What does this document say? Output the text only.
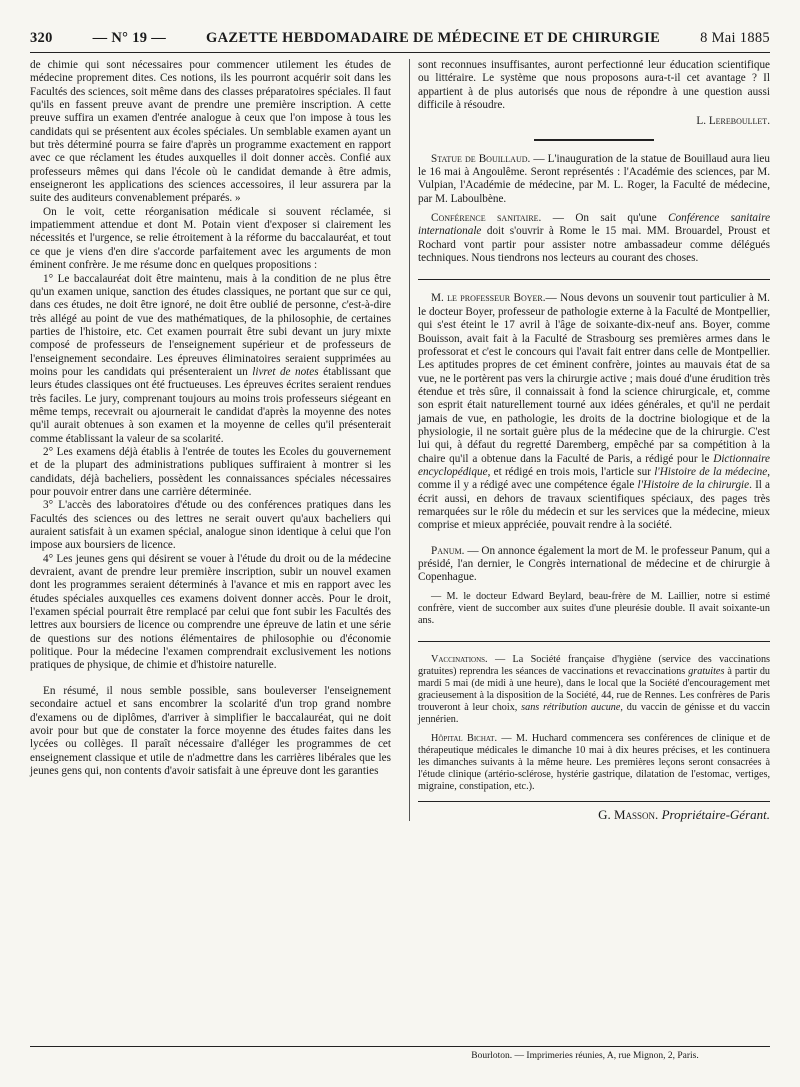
320	— N° 19 —	GAZETTE HEBDOMADAIRE DE MÉDECINE ET DE CHIRURGIE	8 Mai 1885

de chimie qui sont nécessaires pour commencer utilement les études de médecine proprement dites. Ces notions, ils les pourront acquérir soit dans les Facultés des sciences, soit même dans des classes préparatoires spéciales. Il faut qu'ils en fassent preuve avant de prendre une première inscription. A cette preuve suffira un examen d'entrée analogue à ceux que l'on impose à tous les candidats qui se présentent aux écoles spéciales. Un semblable examen ayant un but très déterminé pourra se faire d'après un programme exactement en rapport avec ce que réclament les études auxquelles il doit donner accès. Confié aux professeurs mêmes qui dans l'école où le candidat demande à être admis, enseigneront les applications des sciences accessoires, il leur assurera par la suite des auditeurs convenablement préparés. »

On le voit, cette réorganisation médicale si souvent réclamée, si impatiemment attendue et dont M. Potain vient d'exposer si clairement les nécessités et l'urgence, se relie étroitement à la réforme du baccalauréat, et tout ce que je viens d'en dire s'accorde parfaitement avec les arguments de mon éminent confrère. Je me résume donc en quelques propositions :

1° Le baccalauréat doit être maintenu, mais à la condition de ne plus être qu'un examen unique, sanction des études classiques, ne portant que sur ce qui, dans ces études, ne doit être ignoré, ne doit être oublié de personne, c'est-à-dire très allégé au point de vue des mathématiques, de la philosophie, de certaines parties de l'histoire, etc. Cet examen pourrait être subi devant un jury mixte composé de professeurs de l'enseignement supérieur et de professeurs de l'enseignement secondaire. Les épreuves éliminatoires seraient supprimées au moins pour les candidats qui présenteraient un livret de notes établissant que leurs études classiques ont été fructueuses. Les épreuves écrites seraient rendues très faciles. Le jury, comprenant toujours au moins trois professeurs siégeant en même temps, recevrait ou ajournerait le candidat d'après la moyenne des notes qu'il aurait obtenues à son examen et la moyenne de celles qu'il présenterait comme établissant la valeur de sa scolarité.

2° Les examens déjà établis à l'entrée de toutes les Ecoles du gouvernement et de la plupart des administrations publiques suffiraient à montrer si les candidats, déjà bacheliers, possèdent les connaissances spéciales nécessaires pour pouvoir entrer dans une carrière déterminée.

3° L'accès des laboratoires d'étude ou des conférences pratiques dans les Facultés des sciences ou des lettres ne serait ouvert qu'aux bacheliers qui auraient satisfait à un examen spécial, analogue sinon identique à celui que l'on impose aux boursiers de licence.

4° Les jeunes gens qui désirent se vouer à l'étude du droit ou de la médecine devraient, avant de prendre leur première inscription, subir un nouvel examen dont les programmes seraient déterminés à l'avance et mis en rapport avec les études spéciales auxquelles ces examens doivent donner accès. Pour le droit, l'examen spécial pourrait être remplacé par celui que font subir les Facultés des lettres aux boursiers de licence ou comprendre une épreuve de latin et une série de questions sur des notions élémentaires de philosophie ou d'économie politique. Pour la médecine l'examen comprendrait exclusivement les notions pratiques de physique, de chimie et d'histoire naturelle.

En résumé, il nous semble possible, sans bouleverser l'enseignement secondaire actuel et sans encombrer la scolarité d'un trop grand nombre d'examens ou de diplômes, d'arriver à simplifier le baccalauréat, qui ne doit avoir pour but que de constater la force moyenne des études faites dans les lycées ou collèges. Il paraît nécessaire d'alléger les programmes de cet enseignement classique et utile de n'admettre dans les carrières libérales que les jeunes gens qui, non contents d'avoir satisfait à une épreuve dont les garanties

sont reconnues insuffisantes, auront perfectionné leur éducation scientifique ou littéraire. Le système que nous proposons aura-t-il cet avantage ? Il appartient à de plus autorisés que nous de répondre à une question aussi difficile à résoudre.

L. Lereboullet.

Statue de Bouillaud. — L'inauguration de la statue de Bouillaud aura lieu le 16 mai à Angoulême. Seront représentés : l'Académie des sciences, par M. Vulpian, l'Académie de médecine, par M. L. Roger, la Faculté de médecine, par M. Laboulbène.

Conférence sanitaire. — On sait qu'une Conférence sanitaire internationale doit s'ouvrir à Rome le 15 mai. MM. Brouardel, Proust et Rochard vont partir pour assister notre ambassadeur comme délégués techniques. Nous tiendrons nos lecteurs au courant des choses.

M. le professeur Boyer.— Nous devons un souvenir tout particulier à M. le docteur Boyer, professeur de pathologie externe à la Faculté de Montpellier, qui s'est éteint le 17 avril à l'âge de soixante-dix-neuf ans. Boyer, comme Bouisson, avait fait à la Faculté de Strasbourg ses premières armes dans le professorat et c'est le concours qui l'avait fait entrer dans celle de Montpellier. Les aptitudes propres de cet éminent confrère, jointes au mauvais état de sa vue, ne le portèrent pas vers la chirurgie active ; mais doué d'une érudition très étendue et très sûre, il connaissait à fond la science chirurgicale, et, comme son esprit était naturellement tourné aux idées générales, et qu'il ne perdait jamais de vue, en pathologie, les droits de la doctrine biologique et de la physiologie, il ne sortait guère plus de la médecine que de la chirurgie. C'est lui qui, à défaut du regretté Daremberg, empêché par sa compétition à la chaire qu'il a obtenue dans la Faculté de Paris, a rédigé pour le Dictionnaire encyclopédique, et rédigé en trois mois, l'article sur l'Histoire de la médecine, comme il y a rédigé avec une compétence égale l'Histoire de la chirurgie. Il a écrit aussi, en dehors de travaux scientifiques spéciaux, des pages très remarquées sur le rôle du médecin et sur les services que la médecine, mieux comprise et mieux appréciée, pouvait rendre à la société.

Panum. — On annonce également la mort de M. le professeur Panum, qui a présidé, l'an dernier, le Congrès international de médecine et de chirurgie à Copenhague.

— M. le docteur Edward Beylard, beau-frère de M. Laillier, notre si estimé confrère, vient de succomber aux suites d'une pleurésie double. Il avait soixante-un ans.

Vaccinations. — La Société française d'hygiène (service des vaccinations gratuites) reprendra les séances de vaccinations et revaccinations gratuites à partir du mardi 5 mai (de midi à une heure), dans le local que la Société d'encouragement met gracieusement à la disposition de la Société, 44, rue de Rennes. Les confrères de Paris trouveront à leur choix, sans rétribution aucune, du vaccin de génisse et du vaccin jennérien.

Hôpital Bichat. — M. Huchard commencera ses conférences de clinique et de thérapeutique médicales le dimanche 10 mai à dix heures précises, et les continuera les dimanches suivants à la même heure. Les premières leçons seront consacrées à l'étude clinique (artério-sclérose, hystérie gastrique, dilatation de l'estomac, vertiges, migraine, constipation, etc.).

G. Masson. Propriétaire-Gérant.
Bourloton. — Imprimeries réunies, A, rue Mignon, 2, Paris.
